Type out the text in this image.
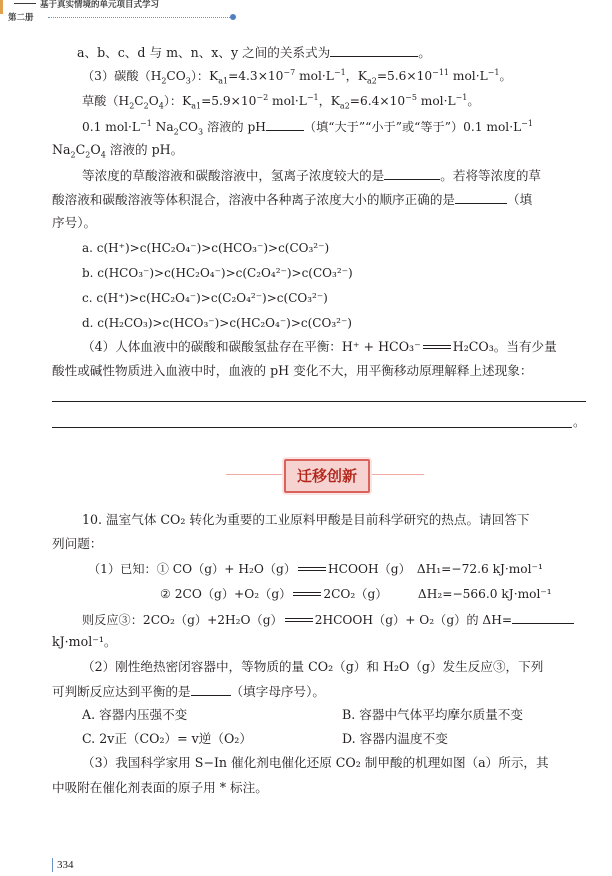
基于真实情境的单元项目式学习
第二册
a、b、c、d 与 m、n、x、y 之间的关系式为	。
（3）碳酸$(H_2CO_3)$：$K_{a1}=4.3\times 10^{-7}$ $mol\cdot L^{-1}$，$K_{a2}=5.6\times 10^{-11}$ $mol\cdot L^{-1}$。
草酸$(H_2C_2O_4)$：$K_{a1}=5.9\times 10^{-2}$ $mol\cdot L^{-1}$，$K_{a2}=6.4\times 10^{-5}$ $mol\cdot L^{-1}$。
0.1 $mol\cdot L^{-1}$ $Na_2CO_3$ 溶液的 pH	（填“大于”“小于”或“等于”）0.1 $mol\cdot L^{-1}$
$Na_2C_2O_4$ 溶液的 pH。
等浓度的草酸溶液和碳酸溶液中，氢离子浓度较大的是	。若将等浓度的草
酸溶液和碳酸溶液等体积混合，溶液中各种离子浓度大小的顺序正确的是	（填
序号）。
a. c(H⁺)>c(HC₂O₄⁻)>c(HCO₃⁻)>c(CO₃²⁻)
b. c(HCO₃⁻)>c(HC₂O₄⁻)>c(C₂O₄²⁻)>c(CO₃²⁻)
c. c(H⁺)>c(HC₂O₄⁻)>c(C₂O₄²⁻)>c(CO₃²⁻)
d. c(H₂CO₃)>c(HCO₃⁻)>c(HC₂O₄⁻)>c(CO₃²⁻)
（4）人体血液中的碳酸和碳酸氢盐存在平衡：H⁺ + HCO₃⁻	H₂CO₃。当有少量
酸性或碱性物质进入血液中时，血液的 pH 变化不大，用平衡移动原理解释上述现象：
。
迁移创新
10. 温室气体 CO₂ 转化为重要的工业原料甲酸是目前科学研究的热点。请回答下
列问题：
（1）已知：① CO（g）+ H₂O（g）	HCOOH（g）　ΔH₁=−72.6 kJ·mol⁻¹
② 2CO（g）+O₂（g）	2CO₂（g）　　　ΔH₂=−566.0 kJ·mol⁻¹
则反应③：2CO₂（g）+2H₂O（g）	2HCOOH（g）+ O₂（g）的 ΔH=
kJ·mol⁻¹。
（2）刚性绝热密闭容器中，等物质的量 CO₂（g）和 H₂O（g）发生反应③，下列
可判断反应达到平衡的是	（填字母序号）。
A. 容器内压强不变	B. 容器中气体平均摩尔质量不变
C. 2v正（CO₂）= v逆（O₂）	D. 容器内温度不变
（3）我国科学家用 S−In 催化剂电催化还原 CO₂ 制甲酸的机理如图（a）所示，其
中吸附在催化剂表面的原子用 * 标注。
334
